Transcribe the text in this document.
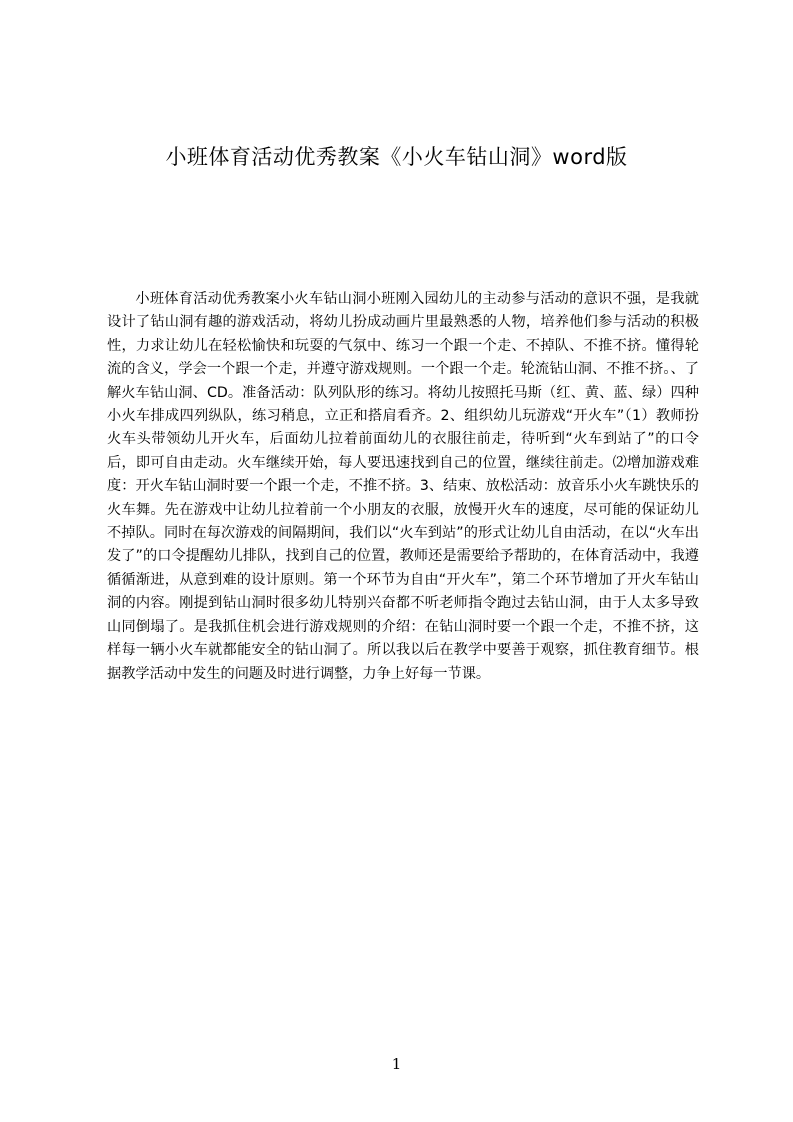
小班体育活动优秀教案《小火车钻山洞》word版

小班体育活动优秀教案小火车钻山洞小班刚入园幼儿的主动参与活动的意识不强，是我就设计了钻山洞有趣的游戏活动，将幼儿扮成动画片里最熟悉的人物，培养他们参与活动的积极性，力求让幼儿在轻松愉快和玩耍的气氛中、练习一个跟一个走、不掉队、不推不挤。懂得轮流的含义，学会一个跟一个走，并遵守游戏规则。一个跟一个走。轮流钻山洞、不推不挤。、了解火车钻山洞、CD。准备活动：队列队形的练习。将幼儿按照托马斯（红、黄、蓝、绿）四种小火车排成四列纵队，练习稍息，立正和搭肩看齐。2、组织幼儿玩游戏“开火车”（1）教师扮火车头带领幼儿开火车，后面幼儿拉着前面幼儿的衣服往前走，待听到“火车到站了”的口令后，即可自由走动。火车继续开始，每人要迅速找到自己的位置，继续往前走。⑵增加游戏难度：开火车钻山洞时要一个跟一个走，不推不挤。3、结束、放松活动：放音乐小火车跳快乐的火车舞。先在游戏中让幼儿拉着前一个小朋友的衣服，放慢开火车的速度，尽可能的保证幼儿不掉队。同时在每次游戏的间隔期间，我们以“火车到站”的形式让幼儿自由活动，在以“火车出发了”的口令提醒幼儿排队，找到自己的位置，教师还是需要给予帮助的，在体育活动中，我遵循循渐进，从意到难的设计原则。第一个环节为自由“开火车”，第二个环节增加了开火车钻山洞的内容。刚提到钻山洞时很多幼儿特别兴奋都不听老师指令跑过去钻山洞，由于人太多导致山同倒塌了。是我抓住机会进行游戏规则的介绍：在钻山洞时要一个跟一个走，不推不挤，这样每一辆小火车就都能安全的钻山洞了。所以我以后在教学中要善于观察，抓住教育细节。根据教学活动中发生的问题及时进行调整，力争上好每一节课。

1
